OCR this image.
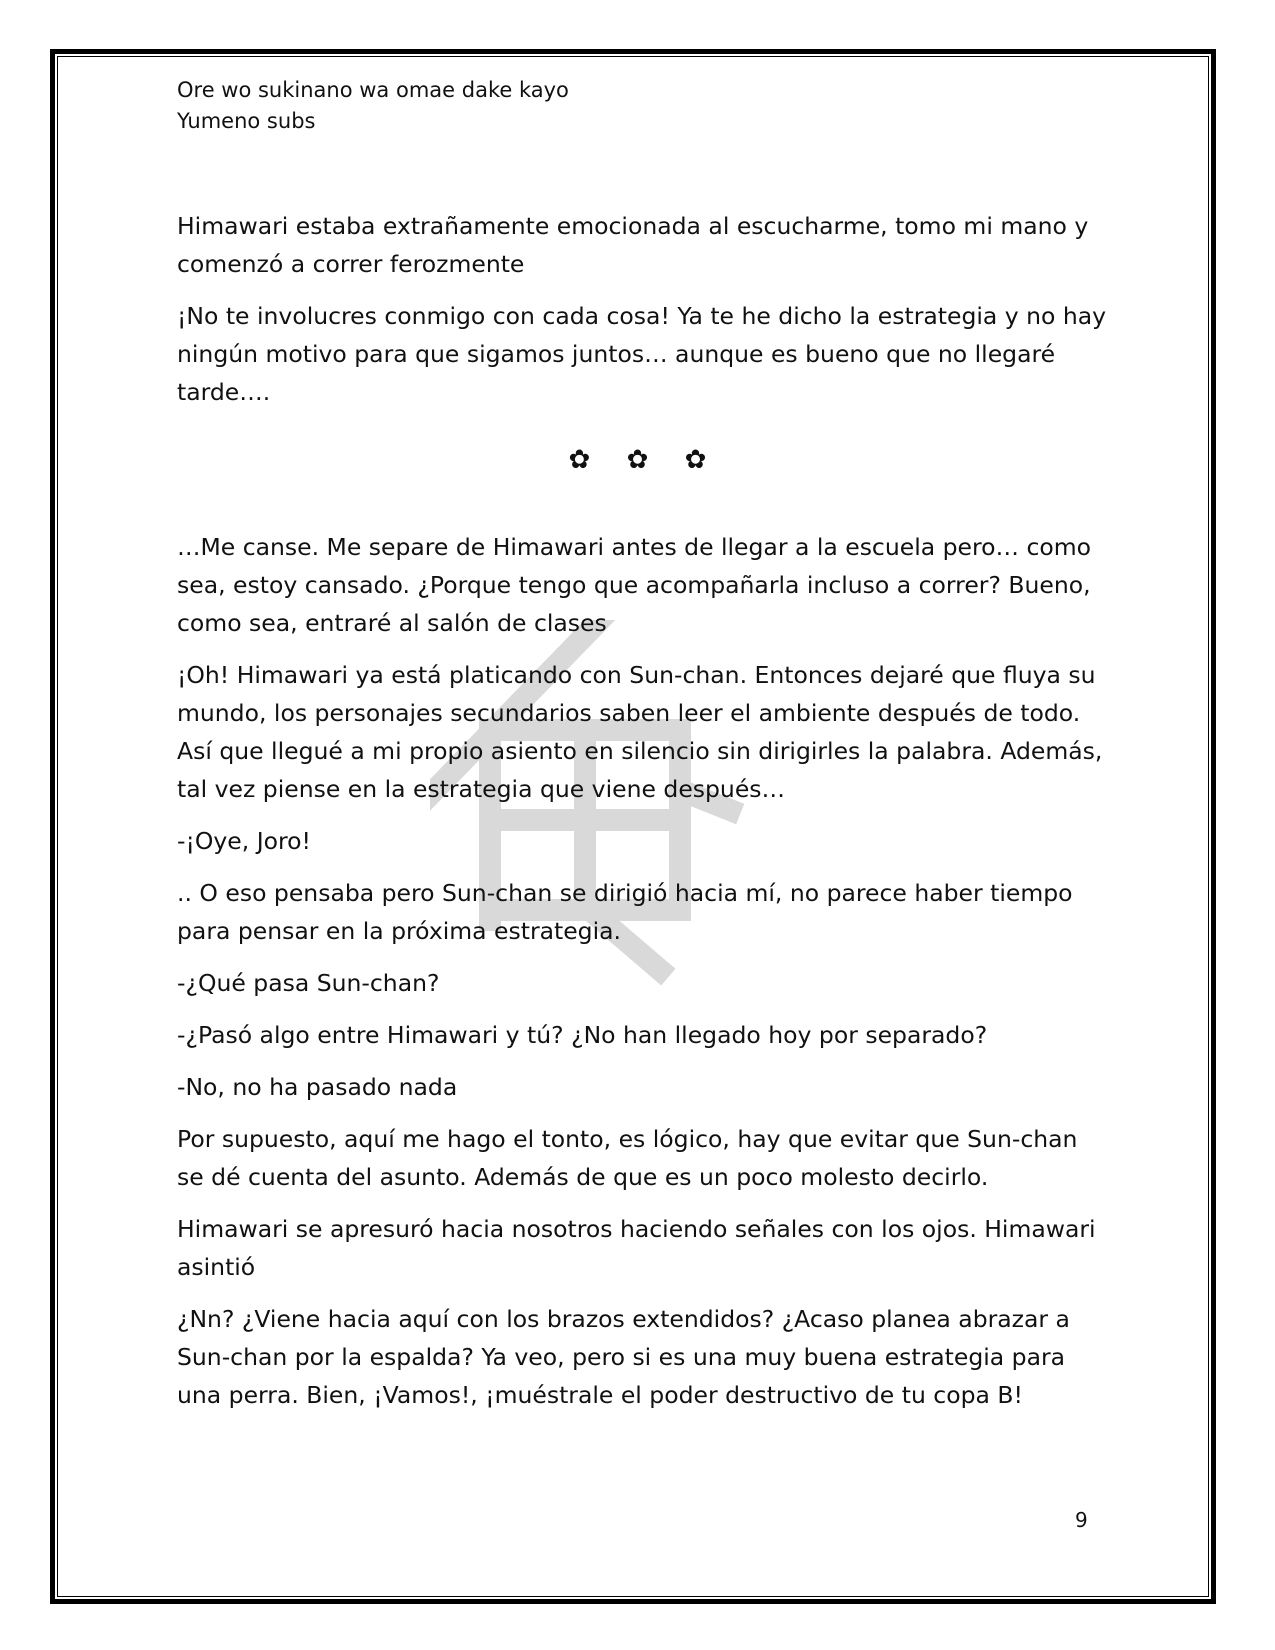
Ore wo sukinano wa omae dake kayo
Yumeno subs

Himawari estaba extrañamente emocionada al escucharme, tomo mi mano y comenzó a correr ferozmente

¡No te involucres conmigo con cada cosa! Ya te he dicho la estrategia y no hay ningún motivo para que sigamos juntos… aunque es bueno que no llegaré tarde….

✿ ✿ ✿

…Me canse. Me separe de Himawari antes de llegar a la escuela pero… como sea, estoy cansado. ¿Porque tengo que acompañarla incluso a correr? Bueno, como sea, entraré al salón de clases

¡Oh! Himawari ya está platicando con Sun-chan. Entonces dejaré que fluya su mundo, los personajes secundarios saben leer el ambiente después de todo. Así que llegué a mi propio asiento en silencio sin dirigirles la palabra. Además, tal vez piense en la estrategia que viene después…

-¡Oye, Joro!

.. O eso pensaba pero Sun-chan se dirigió hacia mí, no parece haber tiempo para pensar en la próxima estrategia.

-¿Qué pasa Sun-chan?

-¿Pasó algo entre Himawari y tú? ¿No han llegado hoy por separado?

-No, no ha pasado nada

Por supuesto, aquí me hago el tonto, es lógico, hay que evitar que Sun-chan se dé cuenta del asunto. Además de que es un poco molesto decirlo.

Himawari se apresuró hacia nosotros haciendo señales con los ojos. Himawari asintió

¿Nn? ¿Viene hacia aquí con los brazos extendidos? ¿Acaso planea abrazar a Sun-chan por la espalda? Ya veo, pero si es una muy buena estrategia para una perra. Bien, ¡Vamos!, ¡muéstrale el poder destructivo de tu copa B!

9
